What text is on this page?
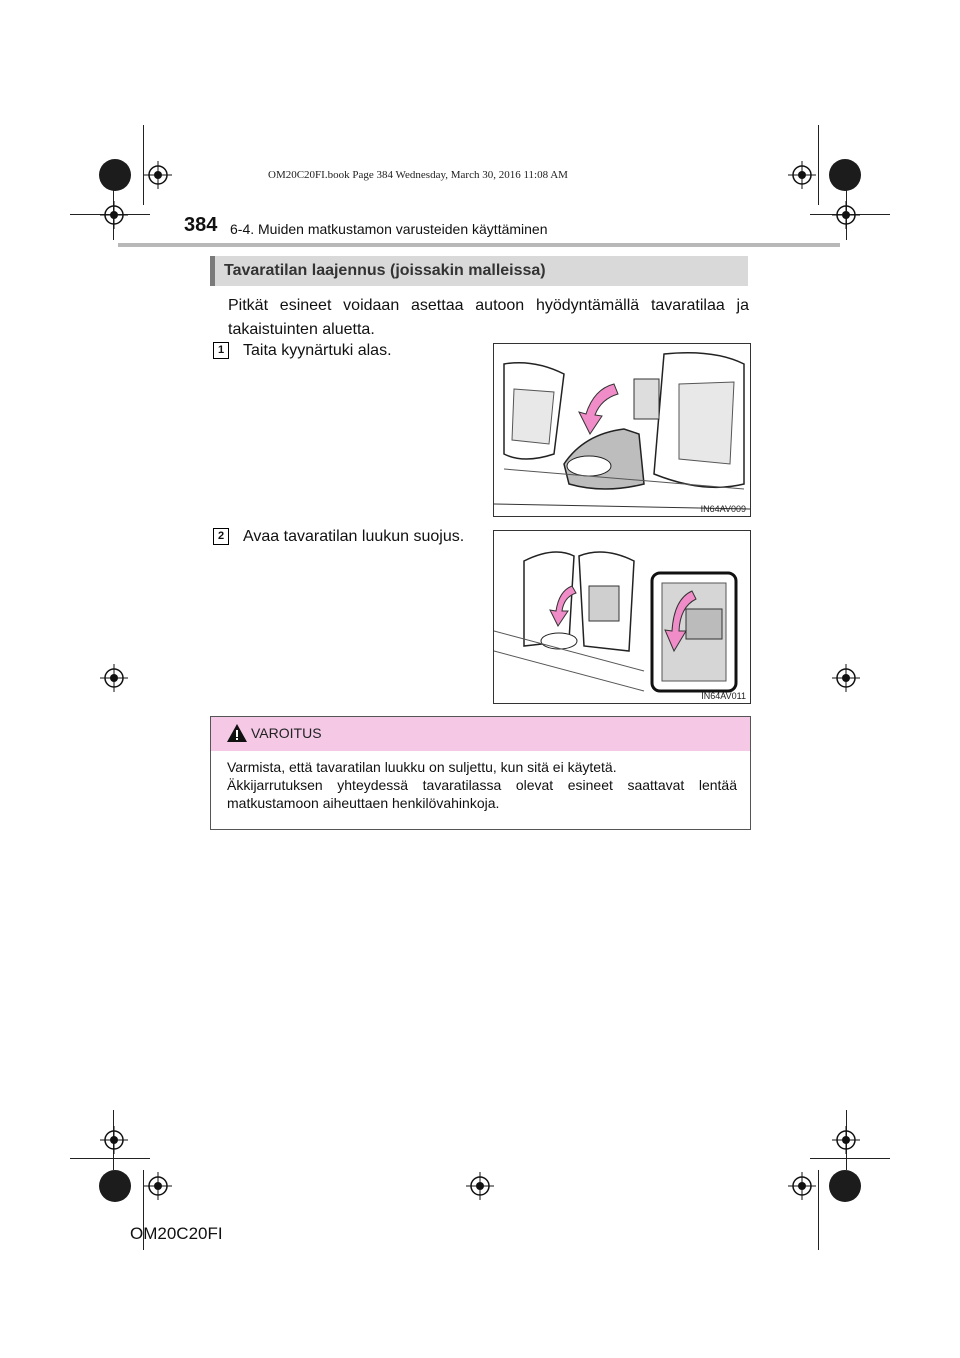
OM20C20FI.book Page 384 Wednesday, March 30, 2016 11:08 AM
384 6-4. Muiden matkustamon varusteiden käyttäminen
Tavaratilan laajennus (joissakin malleissa)
Pitkät esineet voidaan asettaa autoon hyödyntämällä tavaratilaa ja takaistuinten aluetta.
1	Taita kyynärtuki alas.
IN64AV009
2	Avaa tavaratilan luukun suojus.
IN64AV011
VAROITUS
Varmista, että tavaratilan luukku on suljettu, kun sitä ei käytetä.
Äkkijarrutuksen yhteydessä tavaratilassa olevat esineet saattavat lentää matkustamoon aiheuttaen henkilövahinkoja.
OM20C20FI
